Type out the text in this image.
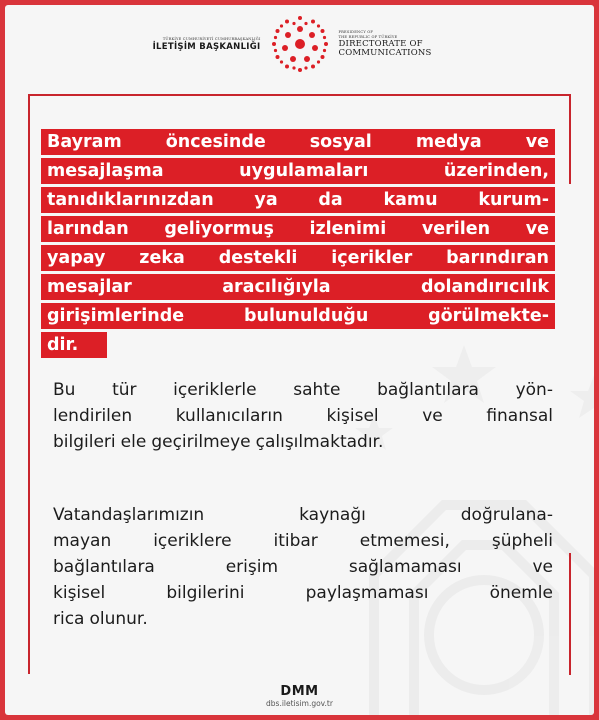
TÜRKİYE CUMHURİYETİ CUMHURBAŞKANLIĞI
İLETİŞİM BAŞKANLIĞI
PRESIDENCY OF
THE REPUBLIC OF TÜRKİYE
DIRECTORATE OF
COMMUNICATIONS
Bayram	öncesinde	sosyal	medya	ve
mesajlaşma	uygulamaları	üzerinden,
tanıdıklarınızdan ya da kamu kurum-
larından geliyormuş izlenimi verilen ve
yapay zeka destekli içerikler barındıran
mesajlar	aracılığıyla	dolandırıcılık
girişimlerinde	bulunulduğu	görülmekte-
dir.
Bu tür içeriklerle sahte bağlantılara yön-
lendirilen	kullanıcıların	kişisel	ve	finansal
bilgileri ele geçirilmeye çalışılmaktadır.
Vatandaşlarımızın	kaynağı	doğrulana-
mayan içeriklere itibar etmemesi, şüpheli
bağlantılara	erişim	sağlamaması	ve
kişisel	bilgilerini	paylaşmaması	önemle
rica olunur.
DMM
dbs.iletisim.gov.tr
